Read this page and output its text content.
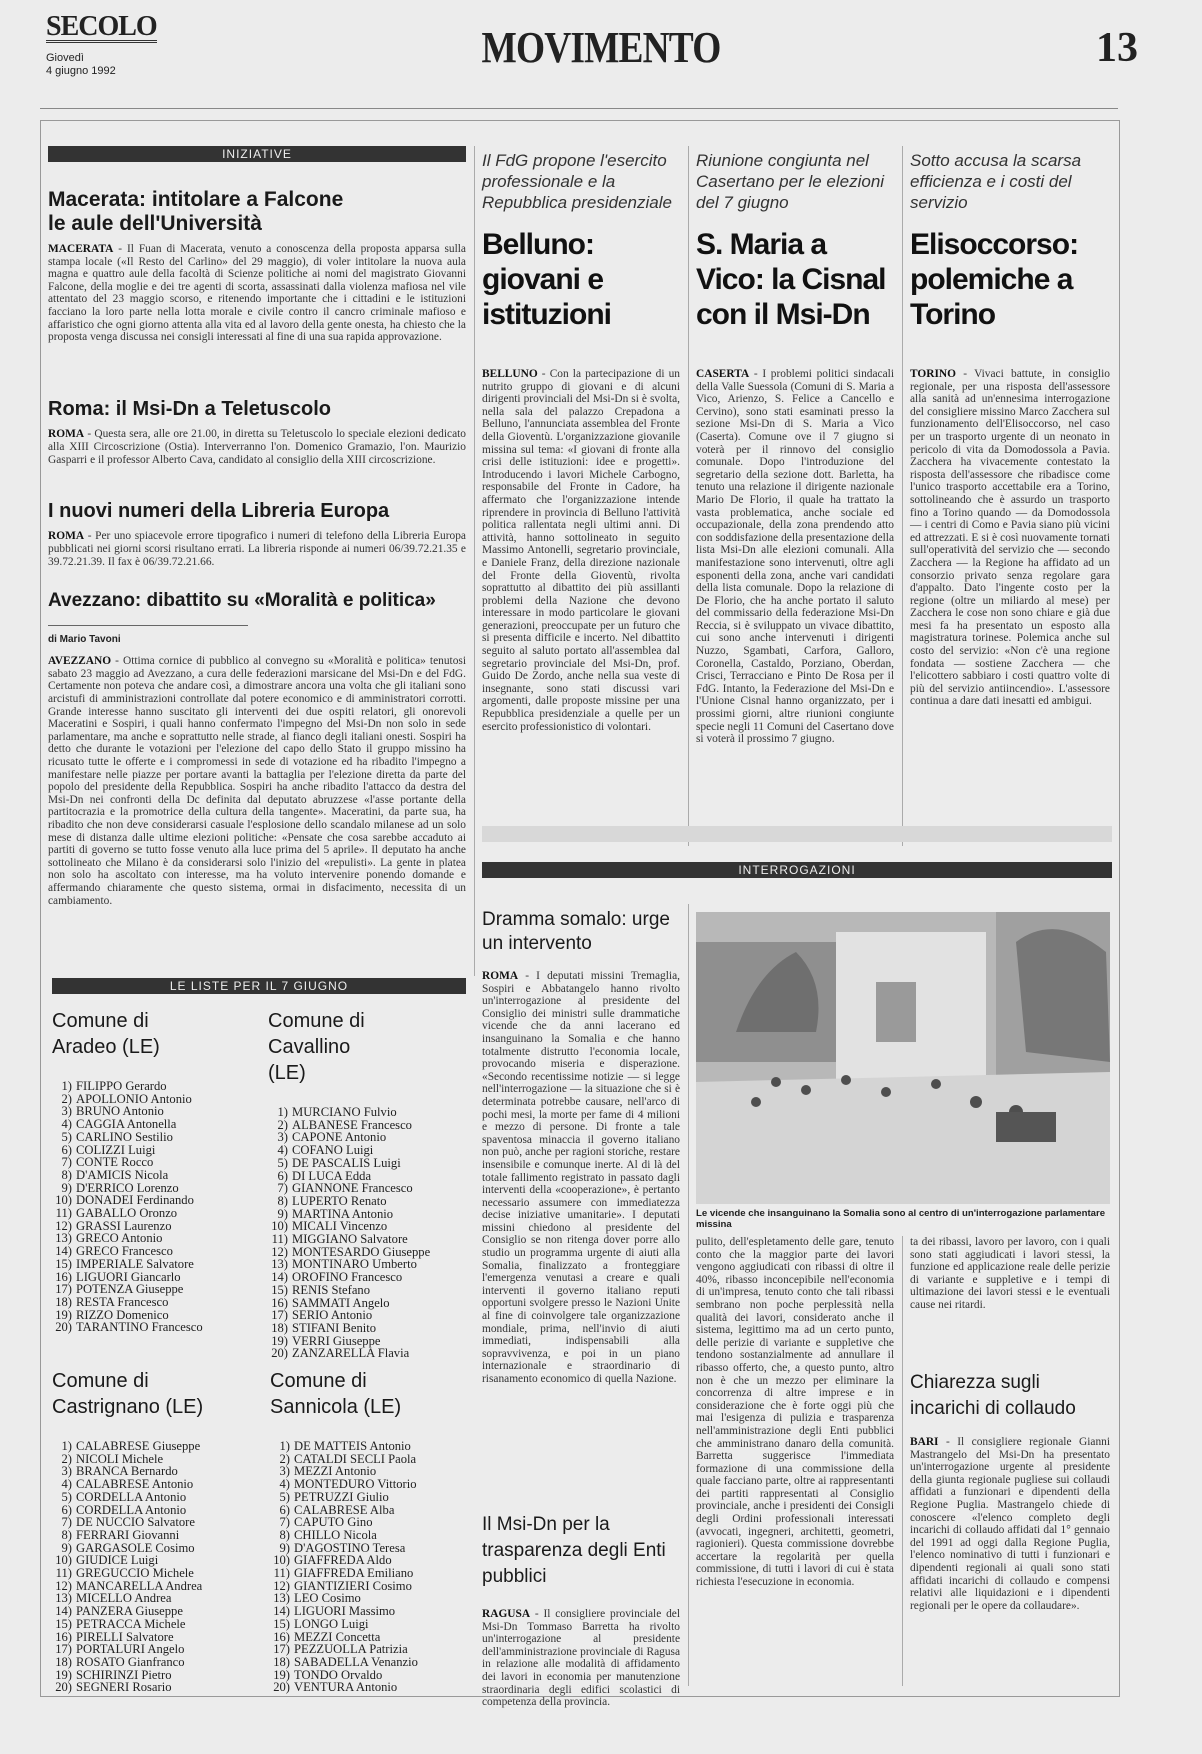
SECOLO
Giovedì
4 giugno 1992	MOVIMENTO	13
INIZIATIVE
Macerata: intitolare a Falcone le aule dell'Università

MACERATA - Il Fuan di Macerata, venuto a conoscenza della proposta apparsa sulla stampa locale («Il Resto del Carlino» del 29 maggio), di voler intitolare la nuova aula magna e quattro aule della facoltà di Scienze politiche ai nomi del magistrato Giovanni Falcone, della moglie e dei tre agenti di scorta, assassinati dalla violenza mafiosa nel vile attentato del 23 maggio scorso, e ritenendo importante che i cittadini e le istituzioni facciano la loro parte nella lotta morale e civile contro il cancro criminale mafioso e affaristico che ogni giorno attenta alla vita ed al lavoro della gente onesta, ha chiesto che la proposta venga discussa nei consigli interessati al fine di una sua rapida approvazione.

Roma: il Msi-Dn a Teletuscolo

ROMA - Questa sera, alle ore 21.00, in diretta su Teletuscolo lo speciale elezioni dedicato alla XIII Circoscrizione (Ostia). Interverranno l'on. Domenico Gramazio, l'on. Maurizio Gasparri e il professor Alberto Cava, candidato al consiglio della XIII circoscrizione.

I nuovi numeri della Libreria Europa

ROMA - Per uno spiacevole errore tipografico i numeri di telefono della Libreria Europa pubblicati nei giorni scorsi risultano errati. La libreria risponde ai numeri 06/39.72.21.35 e 39.72.21.39. Il fax è 06/39.72.21.66.

Avezzano: dibattito su «Moralità e politica»
di Mario Tavoni

AVEZZANO - Ottima cornice di pubblico al convegno su «Moralità e politica» tenutosi sabato 23 maggio ad Avezzano, a cura delle federazioni marsicane del Msi-Dn e del FdG. Certamente non poteva che andare così, a dimostrare ancora una volta che gli italiani sono arcistufi di amministrazioni controllate dal potere economico e di amministratori corrotti. Grande interesse hanno suscitato gli interventi dei due ospiti relatori, gli onorevoli Maceratini e Sospiri, i quali hanno confermato l'impegno del Msi-Dn non solo in sede parlamentare, ma anche e soprattutto nelle strade, al fianco degli italiani onesti. Sospiri ha detto che durante le votazioni per l'elezione del capo dello Stato il gruppo missino ha ricusato tutte le offerte e i compromessi in sede di votazione ed ha ribadito l'impegno a manifestare nelle piazze per portare avanti la battaglia per l'elezione diretta da parte del popolo del presidente della Repubblica. Sospiri ha anche ribadito l'attacco da destra del Msi-Dn nei confronti della Dc definita dal deputato abruzzese «l'asse portante della partitocrazia e la promotrice della cultura della tangente». Maceratini, da parte sua, ha ribadito che non deve considerarsi casuale l'esplosione dello scandalo milanese ad un solo mese di distanza dalle ultime elezioni politiche: «Pensate che cosa sarebbe accaduto ai partiti di governo se tutto fosse venuto alla luce prima del 5 aprile». Il deputato ha anche sottolineato che Milano è da considerarsi solo l'inizio del «repulisti». La gente in platea non solo ha ascoltato con interesse, ma ha voluto intervenire ponendo domande e affermando chiaramente che questo sistema, ormai in disfacimento, necessita di un cambiamento.

LE LISTE PER IL 7 GIUGNO
Comune di Aradeo (LE)
1) FILIPPO Gerardo
2) APOLLONIO Antonio
3) BRUNO Antonio
4) CAGGIA Antonella
5) CARLINO Sestilio
6) COLIZZI Luigi
7) CONTE Rocco
8) D'AMICIS Nicola
9) D'ERRICO Lorenzo
10) DONADEI Ferdinando
11) GABALLO Oronzo
12) GRASSI Laurenzo
13) GRECO Antonio
14) GRECO Francesco
15) IMPERIALE Salvatore
16) LIGUORI Giancarlo
17) POTENZA Giuseppe
18) RESTA Francesco
19) RIZZO Domenico
20) TARANTINO Francesco
Comune di Cavallino (LE)
1) MURCIANO Fulvio
2) ALBANESE Francesco
3) CAPONE Antonio
4) COFANO Luigi
5) DE PASCALIS Luigi
6) DI LUCA Edda
7) GIANNONE Francesco
8) LUPERTO Renato
9) MARTINA Antonio
10) MICALI Vincenzo
11) MIGGIANO Salvatore
12) MONTESARDO Giuseppe
13) MONTINARO Umberto
14) OROFINO Francesco
15) RENIS Stefano
16) SAMMATI Angelo
17) SERIO Antonio
18) STIFANI Benito
19) VERRI Giuseppe
20) ZANZARELLA Flavia
Comune di Castrignano (LE)
1) CALABRESE Giuseppe
2) NICOLI Michele
3) BRANCA Bernardo
4) CALABRESE Antonio
5) CORDELLA Antonio
6) CORDELLA Antonio
7) DE NUCCIO Salvatore
8) FERRARI Giovanni
9) GARGASOLE Cosimo
10) GIUDICE Luigi
11) GREGUCCIO Michele
12) MANCARELLA Andrea
13) MICELLO Andrea
14) PANZERA Giuseppe
15) PETRACCA Michele
16) PIRELLI Salvatore
17) PORTALURI Angelo
18) ROSATO Gianfranco
19) SCHIRINZI Pietro
20) SEGNERI Rosario
Comune di Sannicola (LE)
1) DE MATTEIS Antonio
2) CATALDI SECLI Paola
3) MEZZI Antonio
4) MONTEDURO Vittorio
5) PETRUZZI Giulio
6) CALABRESE Alba
7) CAPUTO Gino
8) CHILLO Nicola
9) D'AGOSTINO Teresa
10) GIAFFREDA Aldo
11) GIAFFREDA Emiliano
12) GIANTIZIERI Cosimo
13) LEO Cosimo
14) LIGUORI Massimo
15) LONGO Luigi
16) MEZZI Concetta
17) PEZZUOLLA Patrizia
18) SABADELLA Venanzio
19) TONDO Orvaldo
20) VENTURA Antonio
Il FdG propone l'esercito professionale e la Repubblica presidenziale
Belluno: giovani e istituzioni

BELLUNO - Con la partecipazione di un nutrito gruppo di giovani e di alcuni dirigenti provinciali del Msi-Dn si è svolta, nella sala del palazzo Crepadona a Belluno, l'annunciata assemblea del Fronte della Gioventù. L'organizzazione giovanile missina sul tema: «I giovani di fronte alla crisi delle istituzioni: idee e progetti». Introducendo i lavori Michele Carbogno, responsabile del Fronte in Cadore, ha affermato che l'organizzazione intende riprendere in provincia di Belluno l'attività politica rallentata negli ultimi anni. Di attività, hanno sottolineato in seguito Massimo Antonelli, segretario provinciale, e Daniele Franz, della direzione nazionale del Fronte della Gioventù, rivolta soprattutto al dibattito dei più assillanti problemi della Nazione che devono interessare in modo particolare le giovani generazioni, preoccupate per un futuro che si presenta difficile e incerto. Nel dibattito seguito al saluto portato all'assemblea dal segretario provinciale del Msi-Dn, prof. Guido De Zordo, anche nella sua veste di insegnante, sono stati discussi vari argomenti, dalle proposte missine per una Repubblica presidenziale a quelle per un esercito professionistico di volontari.

Riunione congiunta nel Casertano per le elezioni del 7 giugno
S. Maria a Vico: la Cisnal con il Msi-Dn

CASERTA - I problemi politici sindacali della Valle Suessola (Comuni di S. Maria a Vico, Arienzo, S. Felice a Cancello e Cervino), sono stati esaminati presso la sezione Msi-Dn di S. Maria a Vico (Caserta). Comune ove il 7 giugno si voterà per il rinnovo del consiglio comunale. Dopo l'introduzione del segretario della sezione dott. Barletta, ha tenuto una relazione il dirigente nazionale Mario De Florio, il quale ha trattato la vasta problematica, anche sociale ed occupazionale, della zona prendendo atto con soddisfazione della presentazione della lista Msi-Dn alle elezioni comunali. Alla manifestazione sono intervenuti, oltre agli esponenti della zona, anche vari candidati della lista comunale. Dopo la relazione di De Florio, che ha anche portato il saluto del commissario della federazione Msi-Dn Reccia, si è sviluppato un vivace dibattito, cui sono anche intervenuti i dirigenti Nuzzo, Sgambati, Carfora, Galloro, Coronella, Castaldo, Porziano, Oberdan, Crisci, Terracciano e Pinto De Rosa per il FdG. Intanto, la Federazione del Msi-Dn e l'Unione Cisnal hanno organizzato, per i prossimi giorni, altre riunioni congiunte specie negli 11 Comuni del Casertano dove si voterà il prossimo 7 giugno.

Sotto accusa la scarsa efficienza e i costi del servizio
Elisoccorso: polemiche a Torino

TORINO - Vivaci battute, in consiglio regionale, per una risposta dell'assessore alla sanità ad un'ennesima interrogazione del consigliere missino Marco Zacchera sul funzionamento dell'Elisoccorso, nel caso per un trasporto urgente di un neonato in pericolo di vita da Domodossola a Pavia. Zacchera ha vivacemente contestato la risposta dell'assessore che ribadisce come l'unico trasporto accettabile era a Torino, sottolineando che è assurdo un trasporto fino a Torino quando — da Domodossola — i centri di Como e Pavia siano più vicini ed attrezzati. E si è così nuovamente tornati sull'operatività del servizio che — secondo Zacchera — la Regione ha affidato ad un consorzio privato senza regolare gara d'appalto. Dato l'ingente costo per la regione (oltre un miliardo al mese) per Zacchera le cose non sono chiare e già due mesi fa ha presentato un esposto alla magistratura torinese. Polemica anche sul costo del servizio: «Non c'è una regione fondata — sostiene Zacchera — che l'elicottero sabbiaro i costi quattro volte di più del servizio antiincendio». L'assessore continua a dare dati inesatti ed ambigui.

INTERROGAZIONI
Dramma somalo: urge un intervento

ROMA - I deputati missini Tremaglia, Sospiri e Abbatangelo hanno rivolto un'interrogazione al presidente del Consiglio dei ministri sulle drammatiche vicende che da anni lacerano ed insanguinano la Somalia e che hanno totalmente distrutto l'economia locale, provocando miseria e disperazione. «Secondo recentissime notizie — si legge nell'interrogazione — la situazione che si è determinata potrebbe causare, nell'arco di pochi mesi, la morte per fame di 4 milioni e mezzo di persone. Di fronte a tale spaventosa minaccia il governo italiano non può, anche per ragioni storiche, restare insensibile e comunque inerte. Al di là del totale fallimento registrato in passato dagli interventi della «cooperazione», è pertanto necessario assumere con immediatezza decise iniziative umanitarie». I deputati missini chiedono al presidente del Consiglio se non ritenga dover porre allo studio un programma urgente di aiuti alla Somalia, finalizzato a fronteggiare l'emergenza venutasi a creare e quali interventi il governo italiano reputi opportuni svolgere presso le Nazioni Unite al fine di coinvolgere tale organizzazione mondiale, prima, nell'invio di aiuti immediati, indispensabili alla sopravvivenza, e poi in un piano internazionale e straordinario di risanamento economico di quella Nazione.

Il Msi-Dn per la trasparenza degli Enti pubblici

RAGUSA - Il consigliere provinciale del Msi-Dn Tommaso Barretta ha rivolto un'interrogazione al presidente dell'amministrazione provinciale di Ragusa in relazione alle modalità di affidamento dei lavori in economia per manutenzione straordinaria degli edifici scolastici di competenza della provincia.

Le vicende che insanguinano la Somalia sono al centro di un'interrogazione parlamentare missina

pulito, dell'espletamento delle gare, tenuto conto che la maggior parte dei lavori vengono aggiudicati con ribassi di oltre il 40%, ribasso inconcepibile nell'economia di un'impresa, tenuto conto che tali ribassi sembrano non poche perplessità nella qualità dei lavori, considerato anche il sistema, legittimo ma ad un certo punto, delle perizie di variante e suppletive che tendono sostanzialmente ad annullare il ribasso offerto, che, a questo punto, altro non è che un mezzo per eliminare la concorrenza di altre imprese e in considerazione che è forte oggi più che mai l'esigenza di pulizia e trasparenza nell'amministrazione degli Enti pubblici che amministrano danaro della comunità. Barretta suggerisce l'immediata formazione di una commissione della quale facciano parte, oltre ai rappresentanti dei partiti rappresentati al Consiglio provinciale, anche i presidenti dei Consigli degli Ordini professionali interessati (avvocati, ingegneri, architetti, geometri, ragionieri). Questa commissione dovrebbe accertare la regolarità per quella commissione, di tutti i lavori di cui è stata richiesta l'esecuzione in economia.

ta dei ribassi, lavoro per lavoro, con i quali sono stati aggiudicati i lavori stessi, la funzione ed applicazione reale delle perizie di variante e suppletive e i tempi di ultimazione dei lavori stessi e le eventuali cause nei ritardi.

Chiarezza sugli incarichi di collaudo

BARI - Il consigliere regionale Gianni Mastrangelo del Msi-Dn ha presentato un'interrogazione urgente al presidente della giunta regionale pugliese sui collaudi affidati a funzionari e dipendenti della Regione Puglia. Mastrangelo chiede di conoscere «l'elenco completo degli incarichi di collaudo affidati dal 1° gennaio del 1991 ad oggi dalla Regione Puglia, l'elenco nominativo di tutti i funzionari e dipendenti regionali ai quali sono stati affidati incarichi di collaudo e compensi relativi alle liquidazioni e i dipendenti regionali per le opere da collaudare».
